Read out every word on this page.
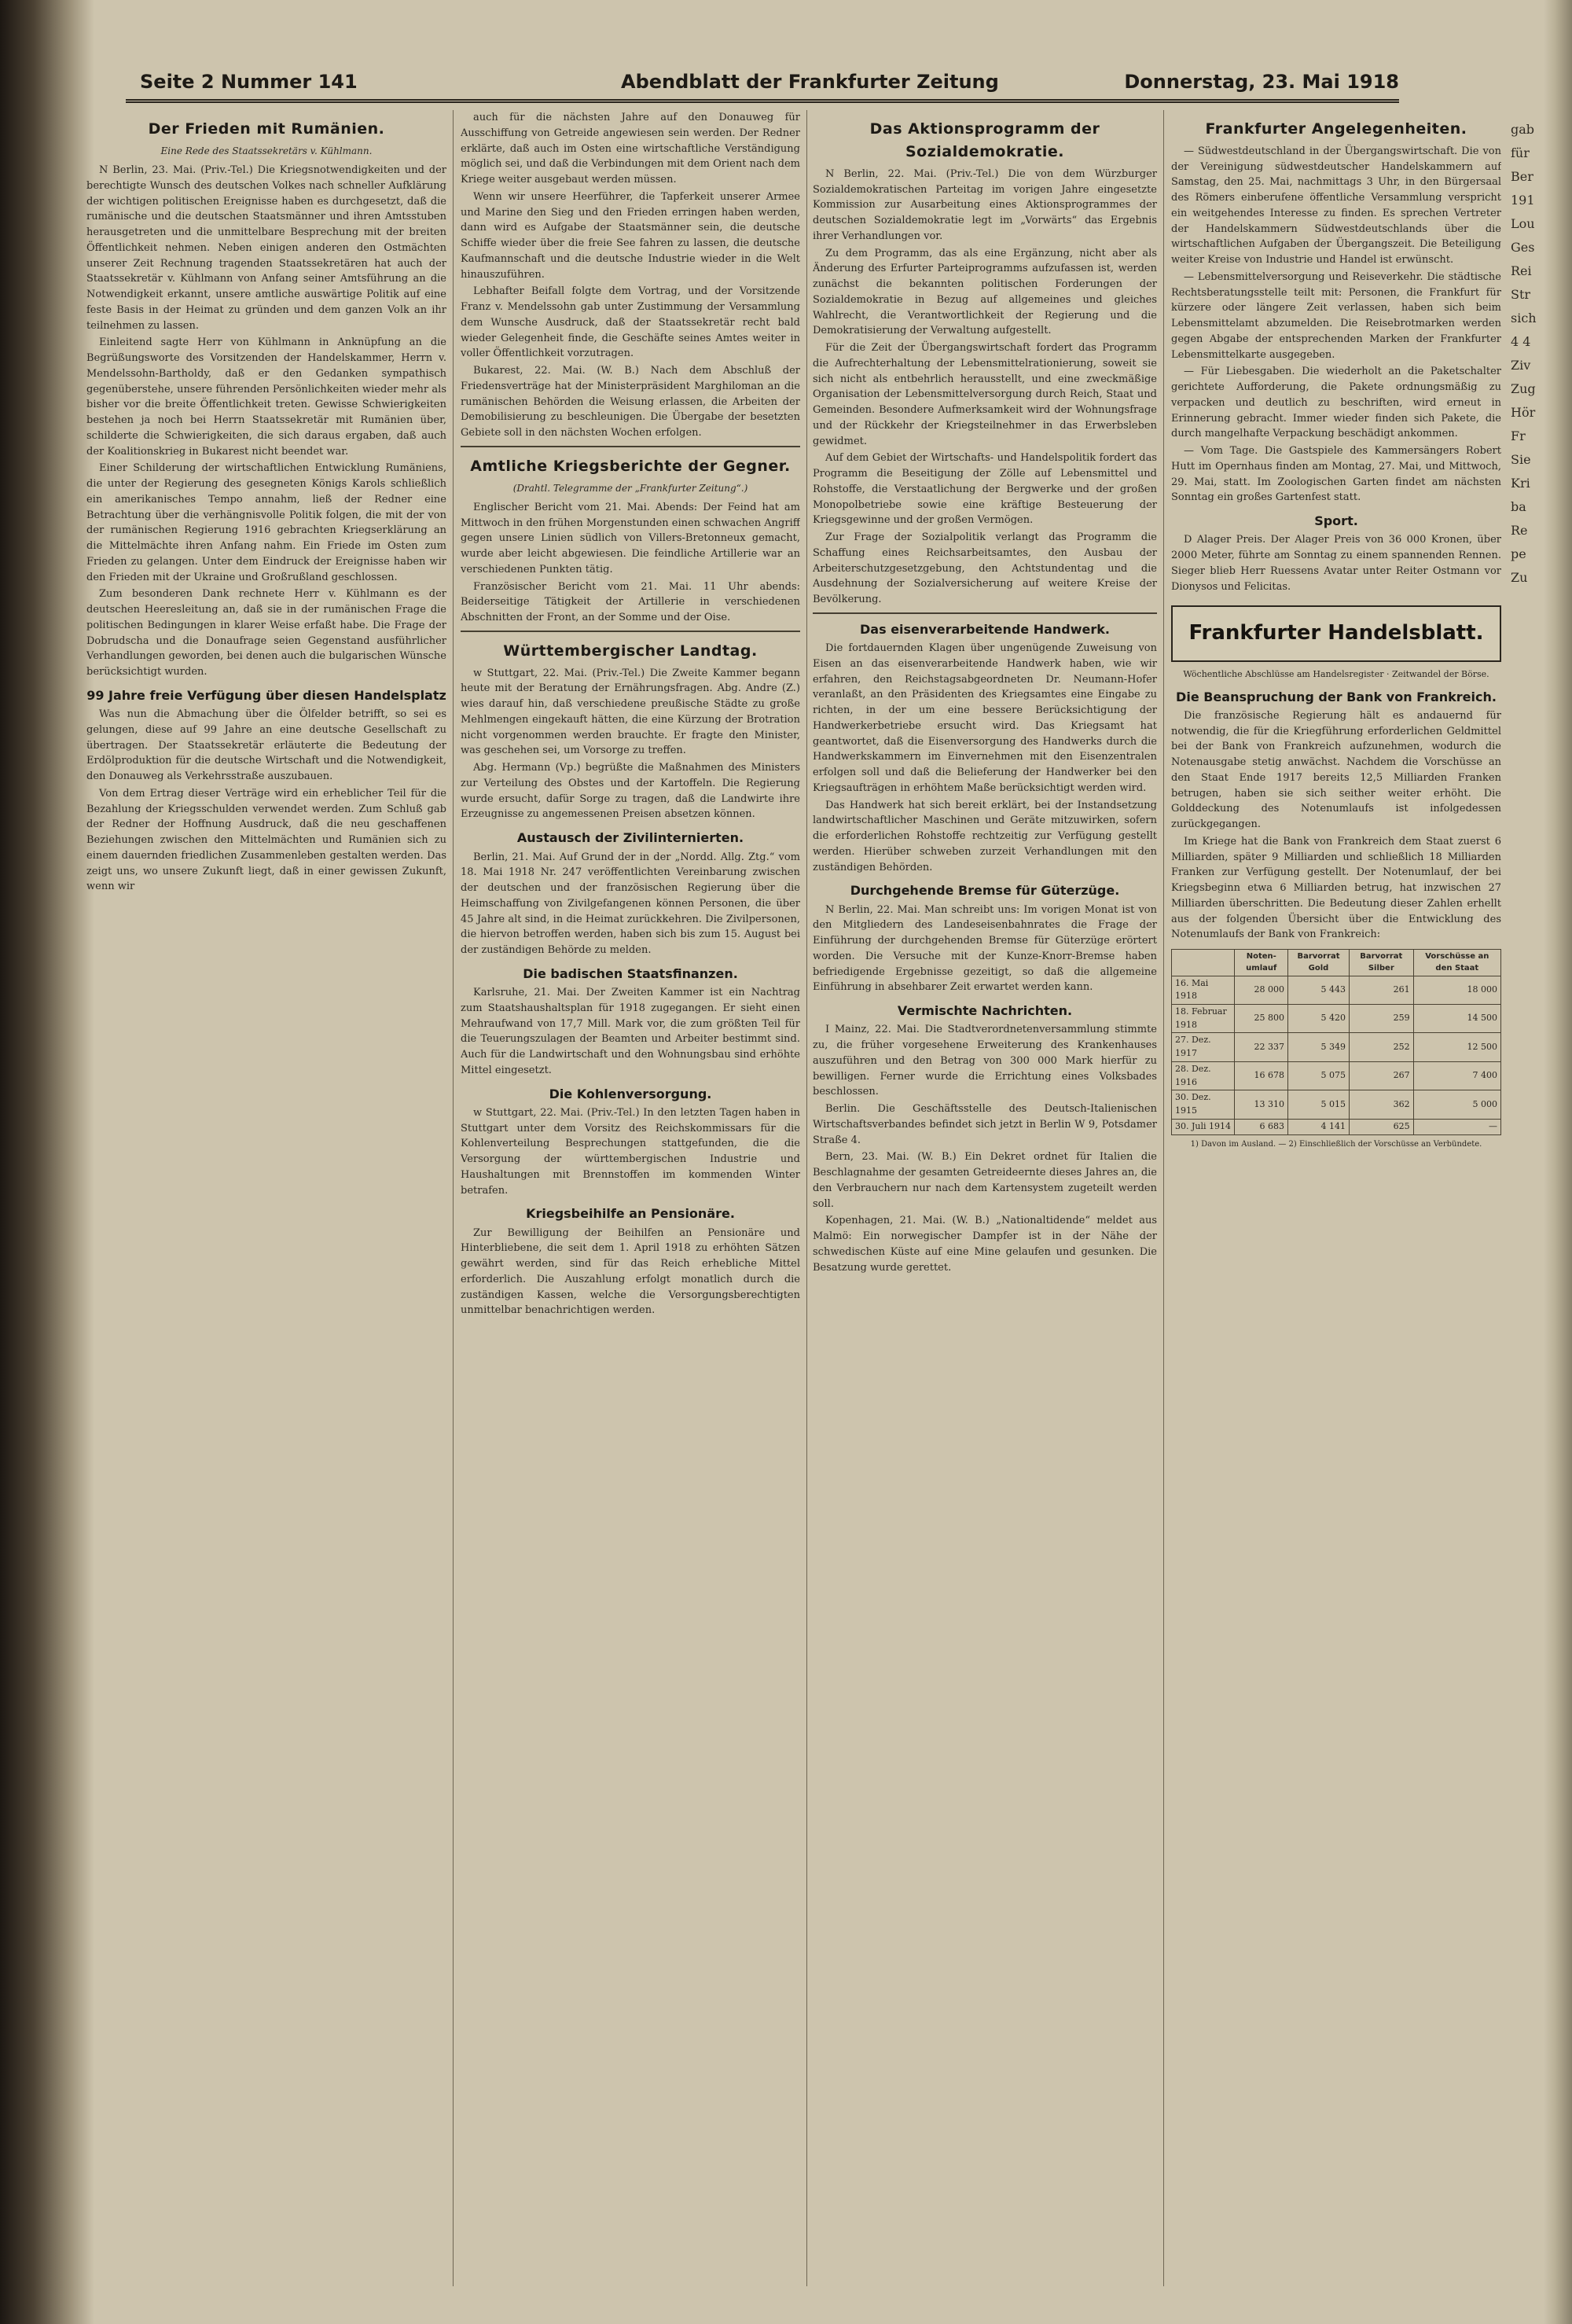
Seite 2 Nummer 141	Abendblatt der Frankfurter Zeitung	Donnerstag, 23. Mai 1918
Der Frieden mit Rumänien.
Eine Rede des Staatssekretärs v. Kühlmann.

N Berlin, 23. Mai. (Priv.-Tel.) Die Kriegsnotwendigkeiten und der berechtigte Wunsch des deutschen Volkes nach schneller Aufklärung der wichtigen politischen Ereignisse haben es durchgesetzt, daß die rumänische und die deutschen Staatsmänner und ihren Amtsstuben herausgetreten und die unmittelbare Besprechung mit der breiten Öffentlichkeit nehmen. Neben einigen anderen den Ostmächten unserer Zeit Rechnung tragenden Staatssekretären hat auch der Staatssekretär v. Kühlmann von Anfang seiner Amtsführung an die Notwendigkeit erkannt, unsere amtliche auswärtige Politik auf eine feste Basis in der Heimat zu gründen und dem ganzen Volk an ihr teilnehmen zu lassen.

Einleitend sagte Herr von Kühlmann in Anknüpfung an die Begrüßungsworte des Vorsitzenden der Handelskammer, Herrn v. Mendelssohn-Bartholdy, daß er den Gedanken sympathisch gegenüberstehe, unsere führenden Persönlichkeiten wieder mehr als bisher vor die breite Öffentlichkeit treten. Gewisse Schwierigkeiten bestehen ja noch bei Herrn Staatssekretär mit Rumänien über, schilderte die Schwierigkeiten, die sich daraus ergaben, daß auch der Koalitionskrieg in Bukarest nicht beendet war.

Einer Schilderung der wirtschaftlichen Entwicklung Rumäniens, die unter der Regierung des gesegneten Königs Karols schließlich ein amerikanisches Tempo annahm, ließ der Redner eine Betrachtung über die verhängnisvolle Politik folgen, die mit der von der rumänischen Regierung 1916 gebrachten Kriegserklärung an die Mittelmächte ihren Anfang nahm. Ein Friede im Osten zum Frieden zu gelangen. Unter dem Eindruck der Ereignisse haben wir den Frieden mit der Ukraine und Großrußland geschlossen.

Zum besonderen Dank rechnete Herr v. Kühlmann es der deutschen Heeresleitung an, daß sie in der rumänischen Frage die politischen Bedingungen in klarer Weise erfaßt habe. Die Frage der Dobrudscha und die Donaufrage seien Gegenstand ausführlicher Verhandlungen geworden, bei denen auch die bulgarischen Wünsche berücksichtigt wurden.

99 Jahre freie Verfügung über diesen Handelsplatz

Was nun die Abmachung über die Ölfelder betrifft, so sei es gelungen, diese auf 99 Jahre an eine deutsche Gesellschaft zu übertragen. Der Staatssekretär erläuterte die Bedeutung der Erdölproduktion für die deutsche Wirtschaft und die Notwendigkeit, den Donauweg als Verkehrsstraße auszubauen.

Von dem Ertrag dieser Verträge wird ein erheblicher Teil für die Bezahlung der Kriegsschulden verwendet werden. Zum Schluß gab der Redner der Hoffnung Ausdruck, daß die neu geschaffenen Beziehungen zwischen den Mittelmächten und Rumänien sich zu einem dauernden friedlichen Zusammenleben gestalten werden. Das zeigt uns, wo unsere Zukunft liegt, daß in einer gewissen Zukunft, wenn wir

auch für die nächsten Jahre auf den Donauweg für Ausschiffung von Getreide angewiesen sein werden. Der Redner erklärte, daß auch im Osten eine wirtschaftliche Verständigung möglich sei, und daß die Verbindungen mit dem Orient nach dem Kriege weiter ausgebaut werden müssen.

Wenn wir unsere Heerführer, die Tapferkeit unserer Armee und Marine den Sieg und den Frieden erringen haben werden, dann wird es Aufgabe der Staatsmänner sein, die deutsche Schiffe wieder über die freie See fahren zu lassen, die deutsche Kaufmannschaft und die deutsche Industrie wieder in die Welt hinauszuführen.

Lebhafter Beifall folgte dem Vortrag, und der Vorsitzende Franz v. Mendelssohn gab unter Zustimmung der Versammlung dem Wunsche Ausdruck, daß der Staatssekretär recht bald wieder Gelegenheit finde, die Geschäfte seines Amtes weiter in voller Öffentlichkeit vorzutragen.

Bukarest, 22. Mai. (W. B.) Nach dem Abschluß der Friedensverträge hat der Ministerpräsident Marghiloman an die rumänischen Behörden die Weisung erlassen, die Arbeiten der Demobilisierung zu beschleunigen. Die Übergabe der besetzten Gebiete soll in den nächsten Wochen erfolgen.

Amtliche Kriegsberichte der Gegner.
(Drahtl. Telegramme der „Frankfurter Zeitung“.)

Englischer Bericht vom 21. Mai. Abends: Der Feind hat am Mittwoch in den frühen Morgenstunden einen schwachen Angriff gegen unsere Linien südlich von Villers-Bretonneux gemacht, wurde aber leicht abgewiesen. Die feindliche Artillerie war an verschiedenen Punkten tätig.

Französischer Bericht vom 21. Mai. 11 Uhr abends: Beiderseitige Tätigkeit der Artillerie in verschiedenen Abschnitten der Front, an der Somme und der Oise.

Württembergischer Landtag.

w Stuttgart, 22. Mai. (Priv.-Tel.) Die Zweite Kammer begann heute mit der Beratung der Ernährungsfragen. Abg. Andre (Z.) wies darauf hin, daß verschiedene preußische Städte zu große Mehlmengen eingekauft hätten, die eine Kürzung der Brotration nicht vorgenommen werden brauchte. Er fragte den Minister, was geschehen sei, um Vorsorge zu treffen.

Abg. Hermann (Vp.) begrüßte die Maßnahmen des Ministers zur Verteilung des Obstes und der Kartoffeln. Die Regierung wurde ersucht, dafür Sorge zu tragen, daß die Landwirte ihre Erzeugnisse zu angemessenen Preisen absetzen können.

Austausch der Zivilinternierten.

Berlin, 21. Mai. Auf Grund der in der „Nordd. Allg. Ztg.“ vom 18. Mai 1918 Nr. 247 veröffentlichten Vereinbarung zwischen der deutschen und der französischen Regierung über die Heimschaffung von Zivilgefangenen können Personen, die über 45 Jahre alt sind, in die Heimat zurückkehren. Die Zivilpersonen, die hiervon betroffen werden, haben sich bis zum 15. August bei der zuständigen Behörde zu melden.

Die badischen Staatsfinanzen.

Karlsruhe, 21. Mai. Der Zweiten Kammer ist ein Nachtrag zum Staatshaushaltsplan für 1918 zugegangen. Er sieht einen Mehraufwand von 17,7 Mill. Mark vor, die zum größten Teil für die Teuerungszulagen der Beamten und Arbeiter bestimmt sind. Auch für die Landwirtschaft und den Wohnungsbau sind erhöhte Mittel eingesetzt.

Die Kohlenversorgung.

w Stuttgart, 22. Mai. (Priv.-Tel.) In den letzten Tagen haben in Stuttgart unter dem Vorsitz des Reichskommissars für die Kohlenverteilung Besprechungen stattgefunden, die die Versorgung der württembergischen Industrie und Haushaltungen mit Brennstoffen im kommenden Winter betrafen.

Kriegsbeihilfe an Pensionäre.

Zur Bewilligung der Beihilfen an Pensionäre und Hinterbliebene, die seit dem 1. April 1918 zu erhöhten Sätzen gewährt werden, sind für das Reich erhebliche Mittel erforderlich. Die Auszahlung erfolgt monatlich durch die zuständigen Kassen, welche die Versorgungsberechtigten unmittelbar benachrichtigen werden.

Das Aktionsprogramm der Sozialdemokratie.

N Berlin, 22. Mai. (Priv.-Tel.) Die von dem Würzburger Sozialdemokratischen Parteitag im vorigen Jahre eingesetzte Kommission zur Ausarbeitung eines Aktionsprogrammes der deutschen Sozialdemokratie legt im „Vorwärts“ das Ergebnis ihrer Verhandlungen vor.

Zu dem Programm, das als eine Ergänzung, nicht aber als Änderung des Erfurter Parteiprogramms aufzufassen ist, werden zunächst die bekannten politischen Forderungen der Sozialdemokratie in Bezug auf allgemeines und gleiches Wahlrecht, die Verantwortlichkeit der Regierung und die Demokratisierung der Verwaltung aufgestellt.

Für die Zeit der Übergangswirtschaft fordert das Programm die Aufrechterhaltung der Lebensmittelrationierung, soweit sie sich nicht als entbehrlich herausstellt, und eine zweckmäßige Organisation der Lebensmittelversorgung durch Reich, Staat und Gemeinden. Besondere Aufmerksamkeit wird der Wohnungsfrage und der Rückkehr der Kriegsteilnehmer in das Erwerbsleben gewidmet.

Auf dem Gebiet der Wirtschafts- und Handelspolitik fordert das Programm die Beseitigung der Zölle auf Lebensmittel und Rohstoffe, die Verstaatlichung der Bergwerke und der großen Monopolbetriebe sowie eine kräftige Besteuerung der Kriegsgewinne und der großen Vermögen.

Zur Frage der Sozialpolitik verlangt das Programm die Schaffung eines Reichsarbeitsamtes, den Ausbau der Arbeiterschutzgesetzgebung, den Achtstundentag und die Ausdehnung der Sozialversicherung auf weitere Kreise der Bevölkerung.

Das eisenverarbeitende Handwerk.

Die fortdauernden Klagen über ungenügende Zuweisung von Eisen an das eisenverarbeitende Handwerk haben, wie wir erfahren, den Reichstagsabgeordneten Dr. Neumann-Hofer veranlaßt, an den Präsidenten des Kriegsamtes eine Eingabe zu richten, in der um eine bessere Berücksichtigung der Handwerkerbetriebe ersucht wird. Das Kriegsamt hat geantwortet, daß die Eisenversorgung des Handwerks durch die Handwerkskammern im Einvernehmen mit den Eisenzentralen erfolgen soll und daß die Belieferung der Handwerker bei den Kriegsaufträgen in erhöhtem Maße berücksichtigt werden wird.

Das Handwerk hat sich bereit erklärt, bei der Instandsetzung landwirtschaftlicher Maschinen und Geräte mitzuwirken, sofern die erforderlichen Rohstoffe rechtzeitig zur Verfügung gestellt werden. Hierüber schweben zurzeit Verhandlungen mit den zuständigen Behörden.

Durchgehende Bremse für Güterzüge.

N Berlin, 22. Mai. Man schreibt uns: Im vorigen Monat ist von den Mitgliedern des Landeseisenbahnrates die Frage der Einführung der durchgehenden Bremse für Güterzüge erörtert worden. Die Versuche mit der Kunze-Knorr-Bremse haben befriedigende Ergebnisse gezeitigt, so daß die allgemeine Einführung in absehbarer Zeit erwartet werden kann.

Vermischte Nachrichten.

I Mainz, 22. Mai. Die Stadtverordnetenversammlung stimmte zu, die früher vorgesehene Erweiterung des Krankenhauses auszuführen und den Betrag von 300 000 Mark hierfür zu bewilligen. Ferner wurde die Errichtung eines Volksbades beschlossen.

Berlin. Die Geschäftsstelle des Deutsch-Italienischen Wirtschaftsverbandes befindet sich jetzt in Berlin W 9, Potsdamer Straße 4.

Bern, 23. Mai. (W. B.) Ein Dekret ordnet für Italien die Beschlagnahme der gesamten Getreideernte dieses Jahres an, die den Verbrauchern nur nach dem Kartensystem zugeteilt werden soll.

Kopenhagen, 21. Mai. (W. B.) „Nationaltidende“ meldet aus Malmö: Ein norwegischer Dampfer ist in der Nähe der schwedischen Küste auf eine Mine gelaufen und gesunken. Die Besatzung wurde gerettet.

Frankfurter Angelegenheiten.

— Südwestdeutschland in der Übergangswirtschaft. Die von der Vereinigung südwestdeutscher Handelskammern auf Samstag, den 25. Mai, nachmittags 3 Uhr, in den Bürgersaal des Römers einberufene öffentliche Versammlung verspricht ein weitgehendes Interesse zu finden. Es sprechen Vertreter der Handelskammern Südwestdeutschlands über die wirtschaftlichen Aufgaben der Übergangszeit. Die Beteiligung weiter Kreise von Industrie und Handel ist erwünscht.

— Lebensmittelversorgung und Reiseverkehr. Die städtische Rechtsberatungsstelle teilt mit: Personen, die Frankfurt für kürzere oder längere Zeit verlassen, haben sich beim Lebensmittelamt abzumelden. Die Reisebrotmarken werden gegen Abgabe der entsprechenden Marken der Frankfurter Lebensmittelkarte ausgegeben.

— Für Liebesgaben. Die wiederholt an die Paketschalter gerichtete Aufforderung, die Pakete ordnungsmäßig zu verpacken und deutlich zu beschriften, wird erneut in Erinnerung gebracht. Immer wieder finden sich Pakete, die durch mangelhafte Verpackung beschädigt ankommen.

— Vom Tage. Die Gastspiele des Kammersängers Robert Hutt im Opernhaus finden am Montag, 27. Mai, und Mittwoch, 29. Mai, statt. Im Zoologischen Garten findet am nächsten Sonntag ein großes Gartenfest statt.

Sport.

D Alager Preis. Der Alager Preis von 36 000 Kronen, über 2000 Meter, führte am Sonntag zu einem spannenden Rennen. Sieger blieb Herr Ruessens Avatar unter Reiter Ostmann vor Dionysos und Felicitas.

Frankfurter Handelsblatt.
Wöchentliche Abschlüsse am Handelsregister · Zeitwandel der Börse.
Die Beanspruchung der Bank von Frankreich.

Die französische Regierung hält es andauernd für notwendig, die für die Kriegführung erforderlichen Geldmittel bei der Bank von Frankreich aufzunehmen, wodurch die Notenausgabe stetig anwächst. Nachdem die Vorschüsse an den Staat Ende 1917 bereits 12,5 Milliarden Franken betrugen, haben sie sich seither weiter erhöht. Die Golddeckung des Notenumlaufs ist infolgedessen zurückgegangen.

Im Kriege hat die Bank von Frankreich dem Staat zuerst 6 Milliarden, später 9 Milliarden und schließlich 18 Milliarden Franken zur Verfügung gestellt. Der Notenumlauf, der bei Kriegsbeginn etwa 6 Milliarden betrug, hat inzwischen 27 Milliarden überschritten. Die Bedeutung dieser Zahlen erhellt aus der folgenden Übersicht über die Entwicklung des Notenumlaufs der Bank von Frankreich:

	Noten-umlauf	Barvorrat Gold	Barvorrat Silber	Vorschüsse an den Staat
16. Mai 1918	28 000	5 443	261	18 000
18. Februar 1918	25 800	5 420	259	14 500
27. Dez. 1917	22 337	5 349	252	12 500
28. Dez. 1916	16 678	5 075	267	7 400
30. Dez. 1915	13 310	5 015	362	5 000
30. Juli 1914	6 683	4 141	625	—
1) Davon im Ausland. — 2) Einschließlich der Vorschüsse an Verbündete.
gab
für
Ber
191
Lou
Ges
Rei
Str
sich
4 4
Ziv
Zug
Hör
Fr
Sie
Kri
ba
Re
pe
Zu
